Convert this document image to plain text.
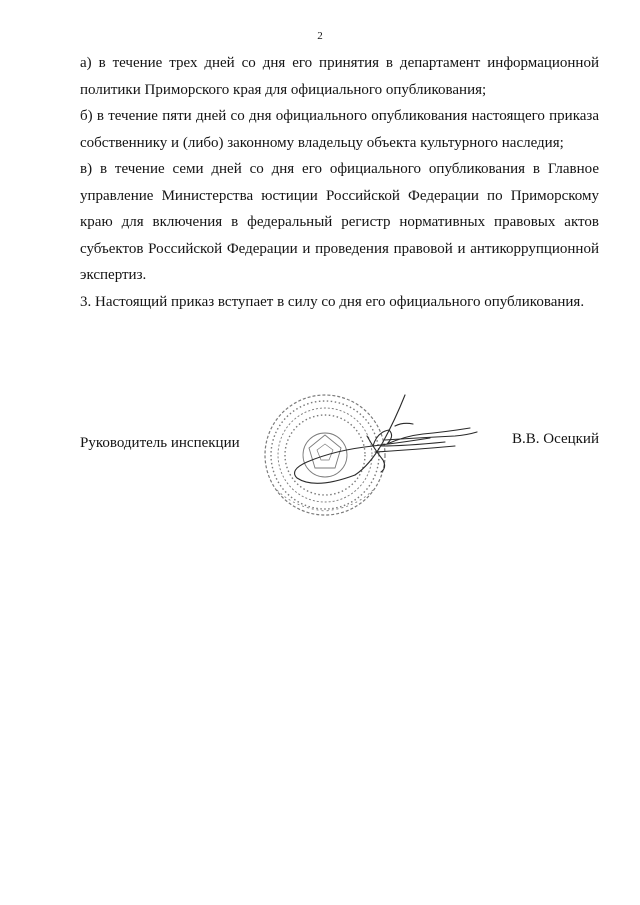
2

а) в течение трех дней со дня его принятия в департамент информационной политики Приморского края для официального опубликования;

б) в течение пяти дней со дня официального опубликования настоящего приказа собственнику и (либо) законному владельцу объекта культурного наследия;

в) в течение семи дней со дня его официального опубликования в Главное управление Министерства юстиции Российской Федерации по Приморскому краю для включения в федеральный регистр нормативных правовых актов субъектов Российской Федерации и проведения правовой и антикоррупционной экспертиз.

3. Настоящий приказ вступает в силу со дня его официального опубликования.

Руководитель инспекции	В.В. Осецкий
